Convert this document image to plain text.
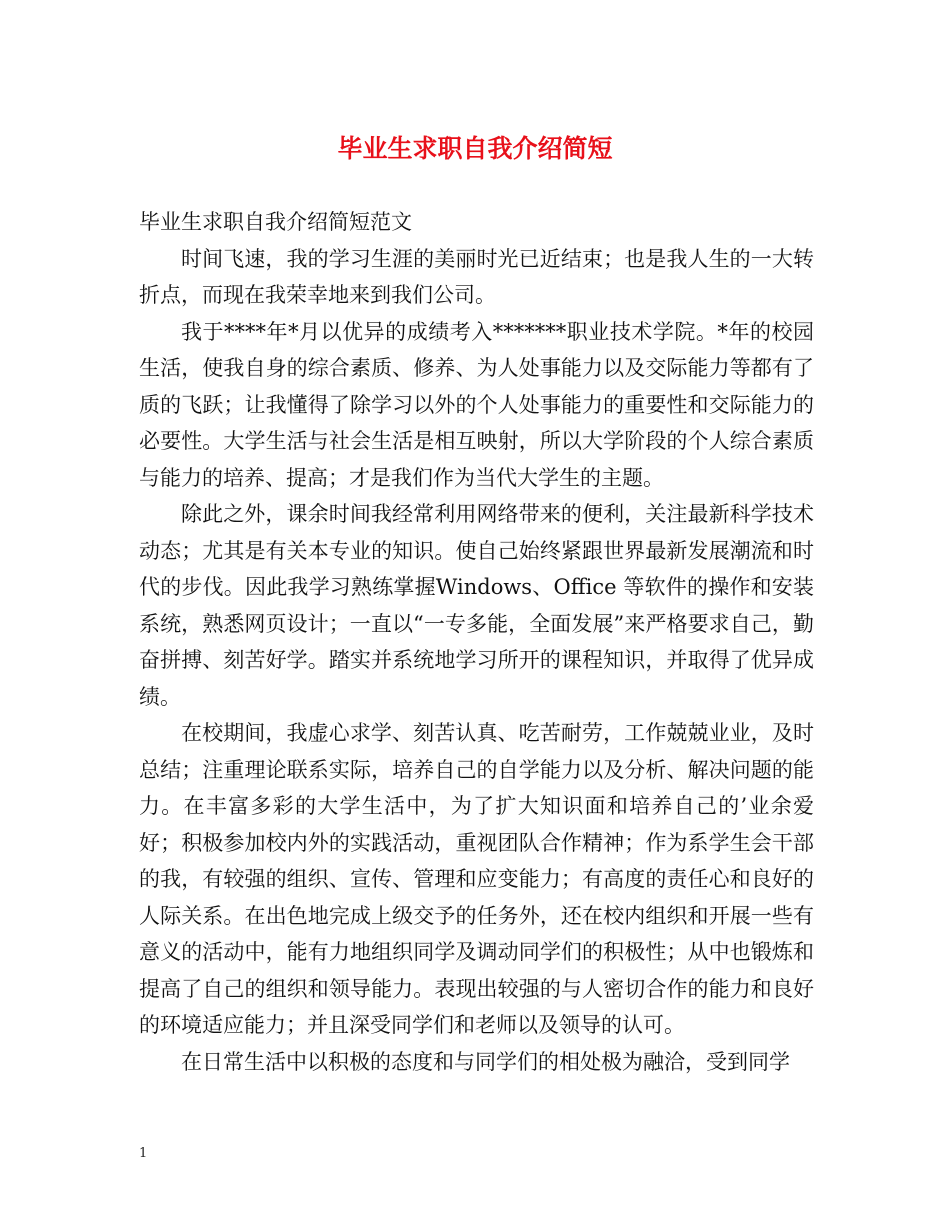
毕业生求职自我介绍简短

毕业生求职自我介绍简短范文

时间飞速，我的学习生涯的美丽时光已近结束；也是我人生的一大转折点，而现在我荣幸地来到我们公司。

我于****年*月以优异的成绩考入*******职业技术学院。*年的校园生活，使我自身的综合素质、修养、为人处事能力以及交际能力等都有了质的飞跃；让我懂得了除学习以外的个人处事能力的重要性和交际能力的必要性。大学生活与社会生活是相互映射，所以大学阶段的个人综合素质与能力的培养、提高；才是我们作为当代大学生的主题。

除此之外，课余时间我经常利用网络带来的便利，关注最新科学技术动态；尤其是有关本专业的知识。使自己始终紧跟世界最新发展潮流和时代的步伐。因此我学习熟练掌握Windows、Office 等软件的操作和安装系统，熟悉网页设计；一直以“一专多能，全面发展”来严格要求自己，勤奋拼搏、刻苦好学。踏实并系统地学习所开的课程知识，并取得了优异成绩。

在校期间，我虚心求学、刻苦认真、吃苦耐劳，工作兢兢业业，及时总结；注重理论联系实际，培养自己的自学能力以及分析、解决问题的能力。在丰富多彩的大学生活中，为了扩大知识面和培养自己的’业余爱好；积极参加校内外的实践活动，重视团队合作精神；作为系学生会干部的我，有较强的组织、宣传、管理和应变能力；有高度的责任心和良好的人际关系。在出色地完成上级交予的任务外，还在校内组织和开展一些有意义的活动中，能有力地组织同学及调动同学们的积极性；从中也锻炼和提高了自己的组织和领导能力。表现出较强的与人密切合作的能力和良好的环境适应能力；并且深受同学们和老师以及领导的认可。

在日常生活中以积极的态度和与同学们的相处极为融洽，受到同学

1
